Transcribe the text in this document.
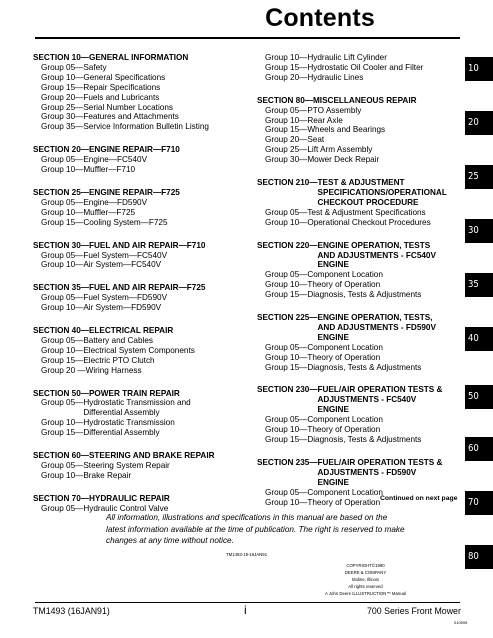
Contents
SECTION 10— GENERAL INFORMATION
Group 05— Safety
Group 10— General Specifications
Group 15— Repair Specifications
Group 20— Fuels and Lubricants
Group 25— Serial Number Locations
Group 30— Features and Attachments
Group 35— Service Information Bulletin Listing
SECTION 20— ENGINE REPAIR—F710
Group 05— Engine—FC540V
Group 10— Muffler—F710
SECTION 25— ENGINE REPAIR—F725
Group 05— Engine—FD590V
Group 10— Muffler—F725
Group 15— Cooling System—F725
SECTION 30— FUEL AND AIR REPAIR—F710
Group 05— Fuel System—FC540V
Group 10— Air System—FC540V
SECTION 35— FUEL AND AIR REPAIR—F725
Group 05— Fuel System—FD590V
Group 10— Air System—FD590V
SECTION 40— ELECTRICAL REPAIR
Group 05— Battery and Cables
Group 10— Electrical System Components
Group 15— Electric PTO Clutch
Group 20 — Wiring Harness
SECTION 50— POWER TRAIN REPAIR
Group 05— Hydrostatic Transmission and
Differential Assembly
Group 10— Hydrostatic Transmission
Group 15— Differential Assembly
SECTION 60— STEERING AND BRAKE REPAIR
Group 05— Steering System Repair
Group 10— Brake Repair
SECTION 70— HYDRAULIC REPAIR
Group 05— Hydraulic Control Valve
Group 10— Hydraulic Lift Cylinder
Group 15— Hydrostatic Oil Cooler and Filter
Group 20— Hydraulic Lines
SECTION 80— MISCELLANEOUS REPAIR
Group 05— PTO Assembly
Group 10— Rear Axle
Group 15— Wheels and Bearings
Group 20— Seat
Group 25— Lift Arm Assembly
Group 30— Mower Deck Repair
SECTION 210— TEST & ADJUSTMENT
SPECIFICATIONS/OPERATIONAL
CHECKOUT PROCEDURE
Group 05— Test & Adjustment Specifications
Group 10— Operational Checkout Procedures
SECTION 220— ENGINE OPERATION, TESTS
AND ADJUSTMENTS - FC540V
ENGINE
Group 05— Component Location
Group 10— Theory of Operation
Group 15— Diagnosis, Tests & Adjustments
SECTION 225— ENGINE OPERATION, TESTS,
AND ADJUSTMENTS - FD590V
ENGINE
Group 05— Component Location
Group 10— Theory of Operation
Group 15— Diagnosis, Tests & Adjustments
SECTION 230— FUEL/AIR OPERATION TESTS &
ADJUSTMENTS - FC540V
ENGINE
Group 05— Component Location
Group 10— Theory of Operation
Group 15— Diagnosis, Tests & Adjustments
SECTION 235— FUEL/AIR OPERATION TESTS &
ADJUSTMENTS - FD590V
ENGINE
Group 05— Component Location
Group 10— Theory of Operation Continued on next page
All information, illustrations and specifications in this manual are based on the latest information available at the time of publication. The right is reserved to make changes at any time without notice.
TM1493-19-16JAN91
COPYRIGHT©1990
DEERE & COMPANY
Moline, Illinois
All rights reserved
A John Deere ILLUSTRUCTION™ Manual
10
20
25
30
35
40
50
60
70
80
TM1493 (16JAN91)	i	700 Series Front Mower
010595
